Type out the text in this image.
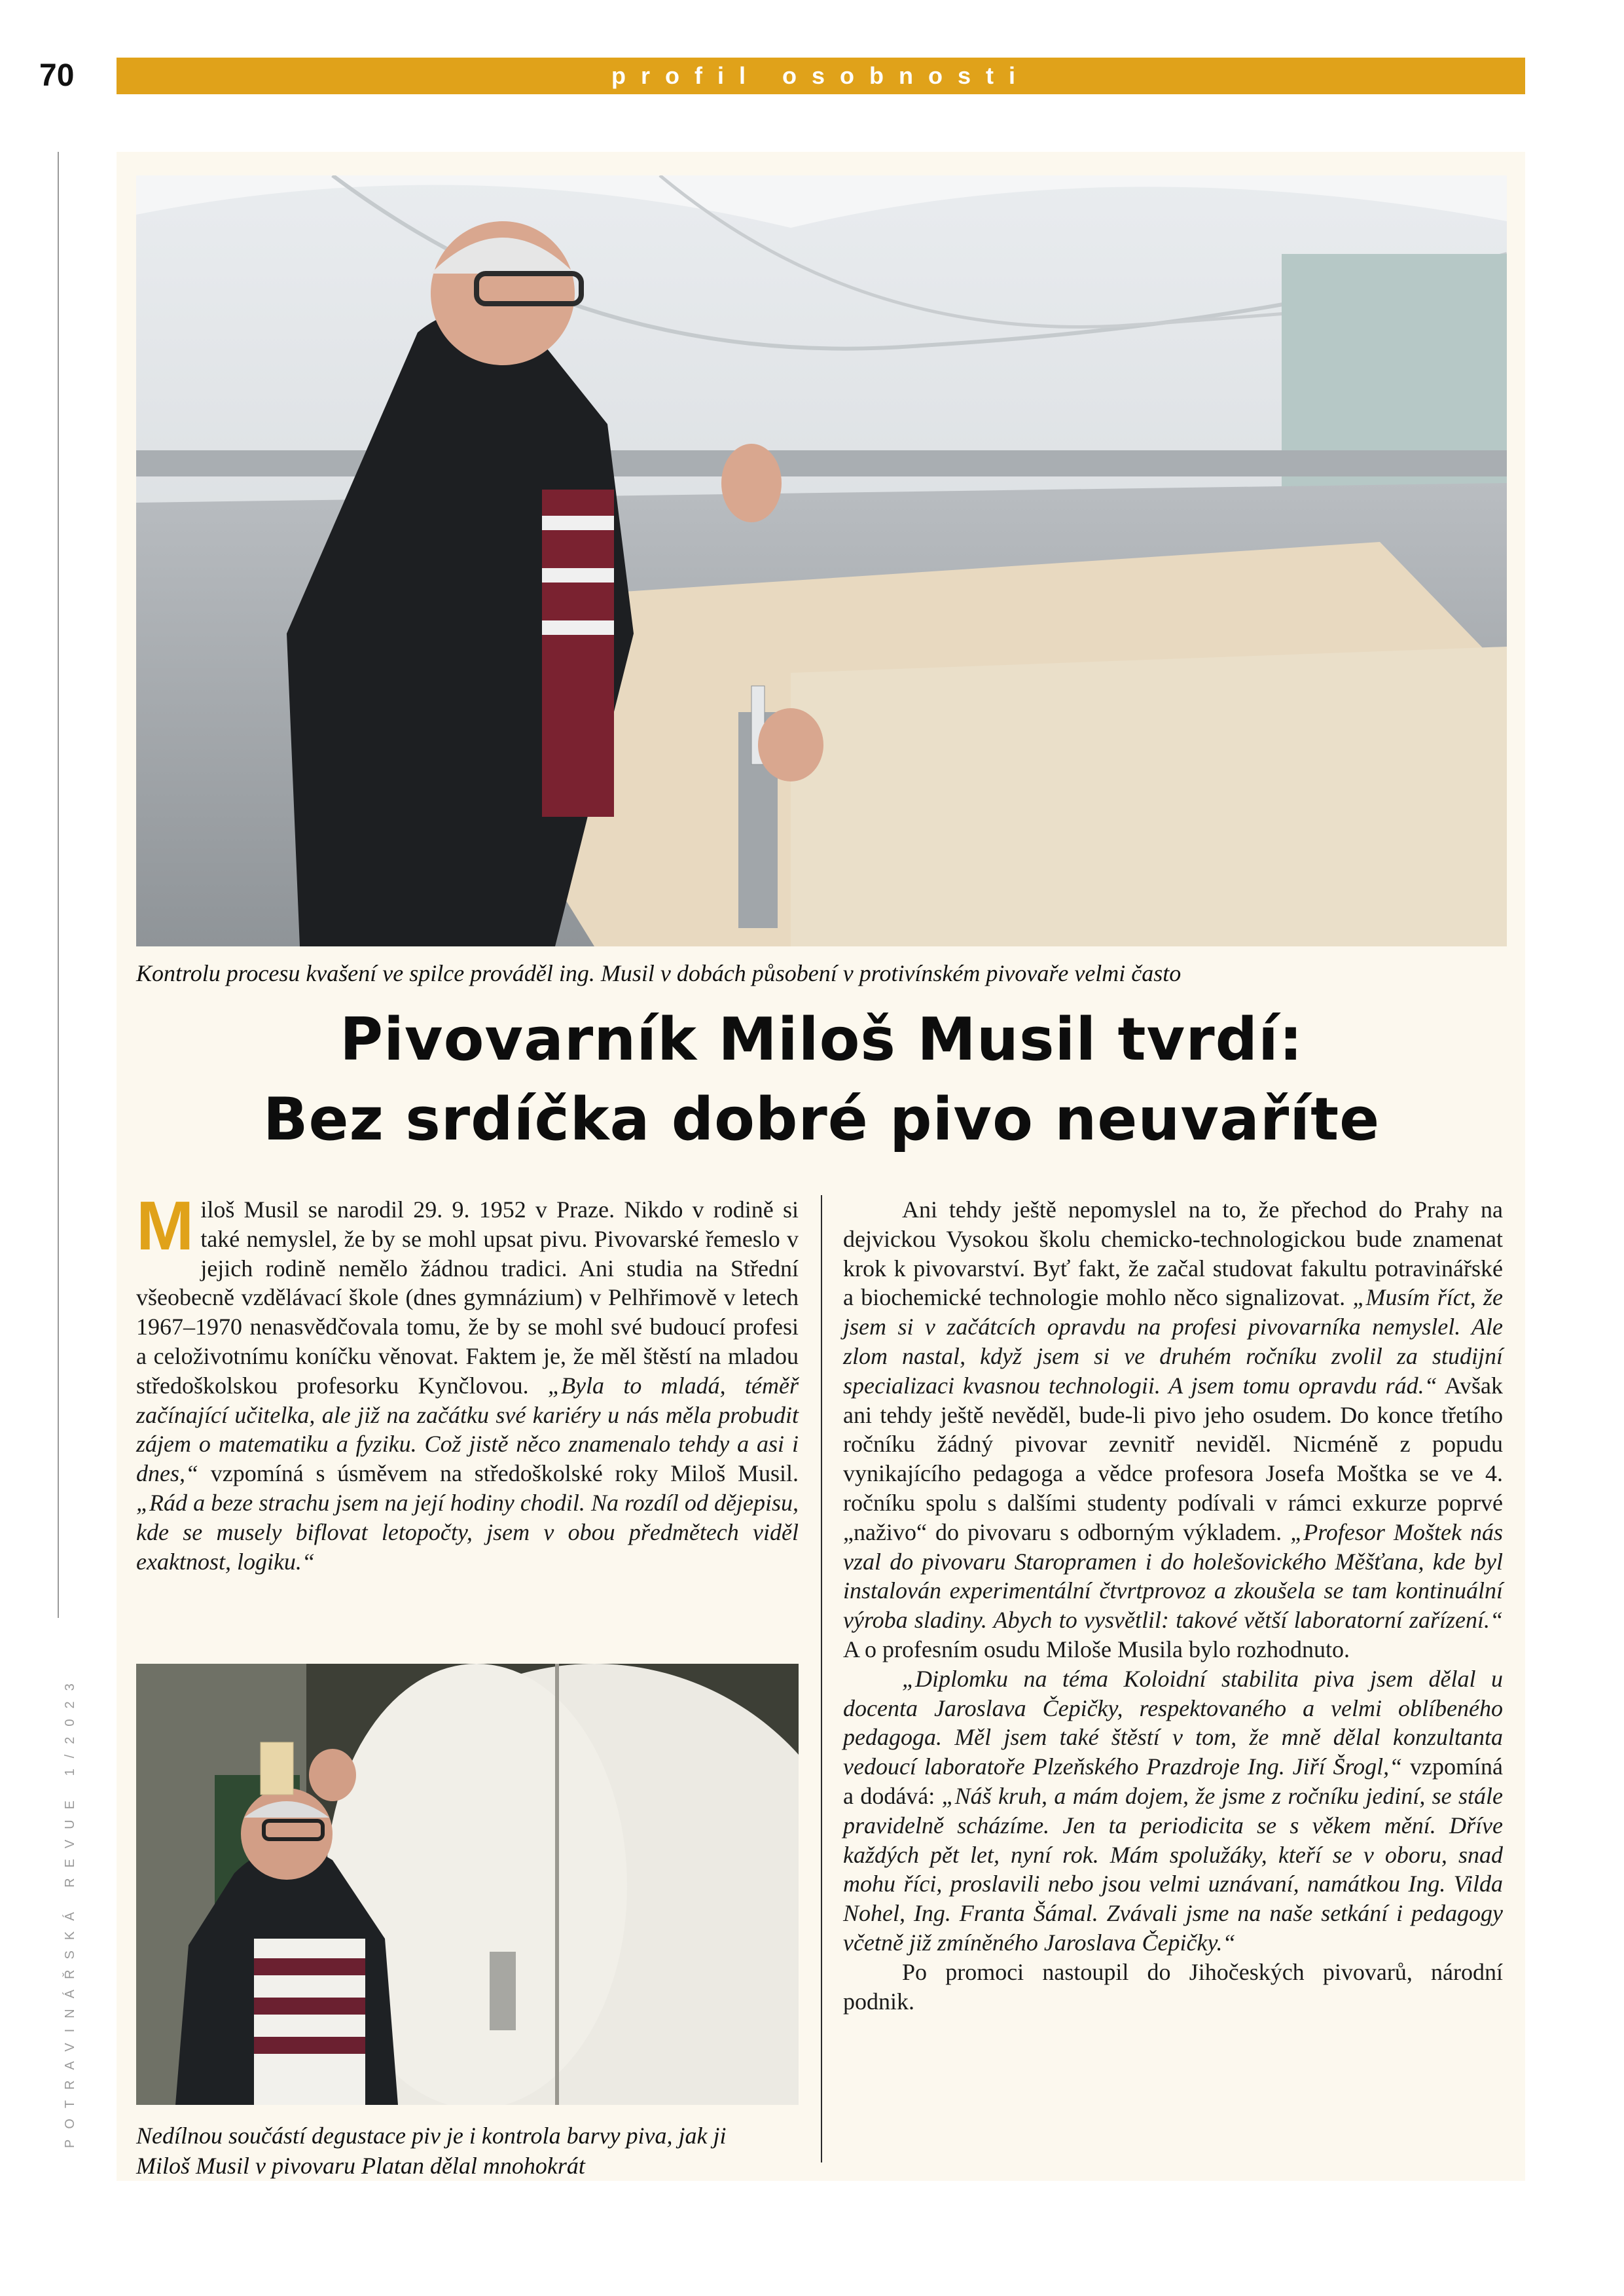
70	profil osobnosti
POTRAVINÁŘSKÁ REVUE 1/2023
Kontrolu procesu kvašení ve spilce prováděl ing. Musil v dobách působení v protivínském pivovaře velmi často
Pivovarník Miloš Musil tvrdí:
Bez srdíčka dobré pivo neuvaříte

Miloš Musil se narodil 29. 9. 1952 v Praze. Nikdo v rodině si také nemyslel, že by se mohl upsat pivu. Pivovarské řemeslo v jejich rodině nemělo žádnou tradici. Ani studia na Střední všeobecně vzdělávací škole (dnes gymnázium) v Pelhřimově v letech 1967–1970 nenasvědčovala tomu, že by se mohl své budoucí profesi a celoživotnímu koníčku věnovat. Faktem je, že měl štěstí na mladou středoškolskou profesorku Kynčlovou. „Byla to mladá, téměř začínající učitelka, ale již na začátku své kariéry u nás měla probudit zájem o matematiku a fyziku. Což jistě něco znamenalo tehdy a asi i dnes,“ vzpomíná s úsměvem na středoškolské roky Miloš Musil. „Rád a beze strachu jsem na její hodiny chodil. Na rozdíl od dějepisu, kde se musely biflovat letopočty, jsem v obou předmětech viděl exaktnost, logiku.“

Nedílnou součástí degustace piv je i kontrola barvy piva, jak ji
Miloš Musil v pivovaru Platan dělal mnohokrát

Ani tehdy ještě nepomyslel na to, že přechod do Prahy na dejvickou Vysokou školu chemicko-technologickou bude znamenat krok k pivovarství. Byť fakt, že začal studovat fakultu potravinářské a biochemické technologie mohlo něco signalizovat. „Musím říct, že jsem si v začátcích opravdu na profesi pivovarníka nemyslel. Ale zlom nastal, když jsem si ve druhém ročníku zvolil za studijní specializaci kvasnou technologii. A jsem tomu opravdu rád.“ Avšak ani tehdy ještě nevěděl, bude-li pivo jeho osudem. Do konce třetího ročníku žádný pivovar zevnitř neviděl. Nicméně z popudu vynikajícího pedagoga a vědce profesora Josefa Moštka se ve 4. ročníku spolu s dalšími studenty podívali v rámci exkurze poprvé „naživo“ do pivovaru s odborným výkladem. „Profesor Moštek nás vzal do pivovaru Staropramen i do holešovického Měšťana, kde byl instalován experimentální čtvrtprovoz a zkoušela se tam kontinuální výroba sladiny. Abych to vysvětlil: takové větší laboratorní zařízení.“ A o profesním osudu Miloše Musila bylo rozhodnuto.

„Diplomku na téma Koloidní stabilita piva jsem dělal u docenta Jaroslava Čepičky, respektovaného a velmi oblíbeného pedagoga. Měl jsem také štěstí v tom, že mně dělal konzultanta vedoucí laboratoře Plzeňského Prazdroje Ing. Jiří Šrogl,“ vzpomíná a dodává: „Náš kruh, a mám dojem, že jsme z ročníku jediní, se stále pravidelně scházíme. Jen ta periodicita se s věkem mění. Dříve každých pět let, nyní rok. Mám spolužáky, kteří se v oboru, snad mohu říci, proslavili nebo jsou velmi uznávaní, namátkou Ing. Vilda Nohel, Ing. Franta Šámal. Zvávali jsme na naše setkání i pedagogy včetně již zmíněného Jaroslava Čepičky.“

Po promoci nastoupil do Jihočeských pivovarů, národní podnik.
